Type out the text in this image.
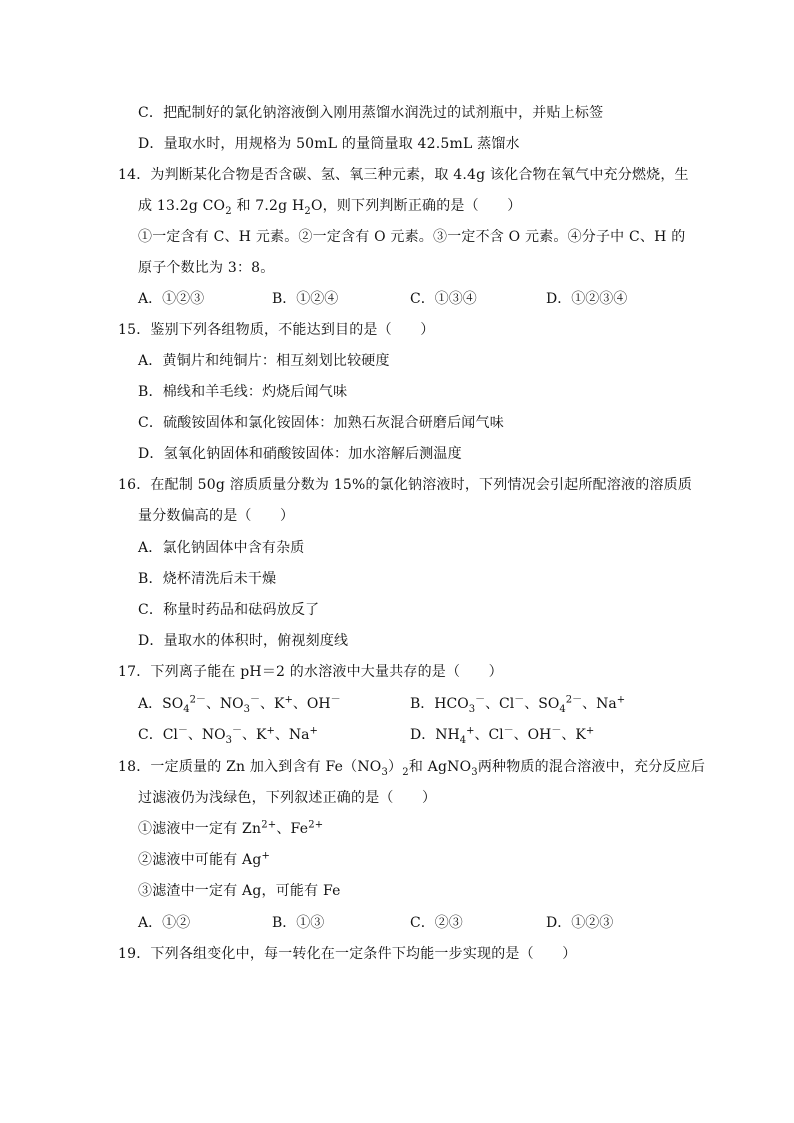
C．把配制好的氯化钠溶液倒入刚用蒸馏水润洗过的试剂瓶中，并贴上标签
D．量取水时，用规格为 50mL 的量筒量取 42.5mL 蒸馏水
14．为判断某化合物是否含碳、氢、氧三种元素，取 4.4g 该化合物在氧气中充分燃烧，生
成 13.2g $CO_2$ 和 7.2g $H_2O$，则下列判断正确的是（　　）
①一定含有 C、H 元素。②一定含有 O 元素。③一定不含 O 元素。④分子中 C、H 的
原子个数比为 3：8。
A．①②③	B．①②④	C．①③④	D．①②③④
15．鉴别下列各组物质，不能达到目的是（　　）
A．黄铜片和纯铜片：相互刻划比较硬度
B．棉线和羊毛线：灼烧后闻气味
C．硫酸铵固体和氯化铵固体：加熟石灰混合研磨后闻气味
D．氢氧化钠固体和硝酸铵固体：加水溶解后测温度
16．在配制 50g 溶质质量分数为 15%的氯化钠溶液时，下列情况会引起所配溶液的溶质质
量分数偏高的是（　　）
A．氯化钠固体中含有杂质
B．烧杯清洗后未干燥
C．称量时药品和砝码放反了
D．量取水的体积时，俯视刻度线
17．下列离子能在 pH＝2 的水溶液中大量共存的是（　　）
A．$SO_4^{2-}$、$NO_3^-$、K+、OH－	B．$HCO_3^-$、Cl－、$SO_4^{2-}$、Na+
C．Cl－、$NO_3^-$、K+、Na+	D．$NH_4^+$、Cl－、OH－、K+
18．一定质量的 Zn 加入到含有 $Fe(NO_3)_2$和 AgNO$_3$两种物质的混合溶液中，充分反应后
过滤液仍为浅绿色，下列叙述正确的是（　　）
①滤液中一定有 $Zn^{2+}$、$Fe^{2+}$
②滤液中可能有 Ag+
③滤渣中一定有 Ag，可能有 Fe
A．①②	B．①③	C．②③	D．①②③
19．下列各组变化中，每一转化在一定条件下均能一步实现的是（　　）
